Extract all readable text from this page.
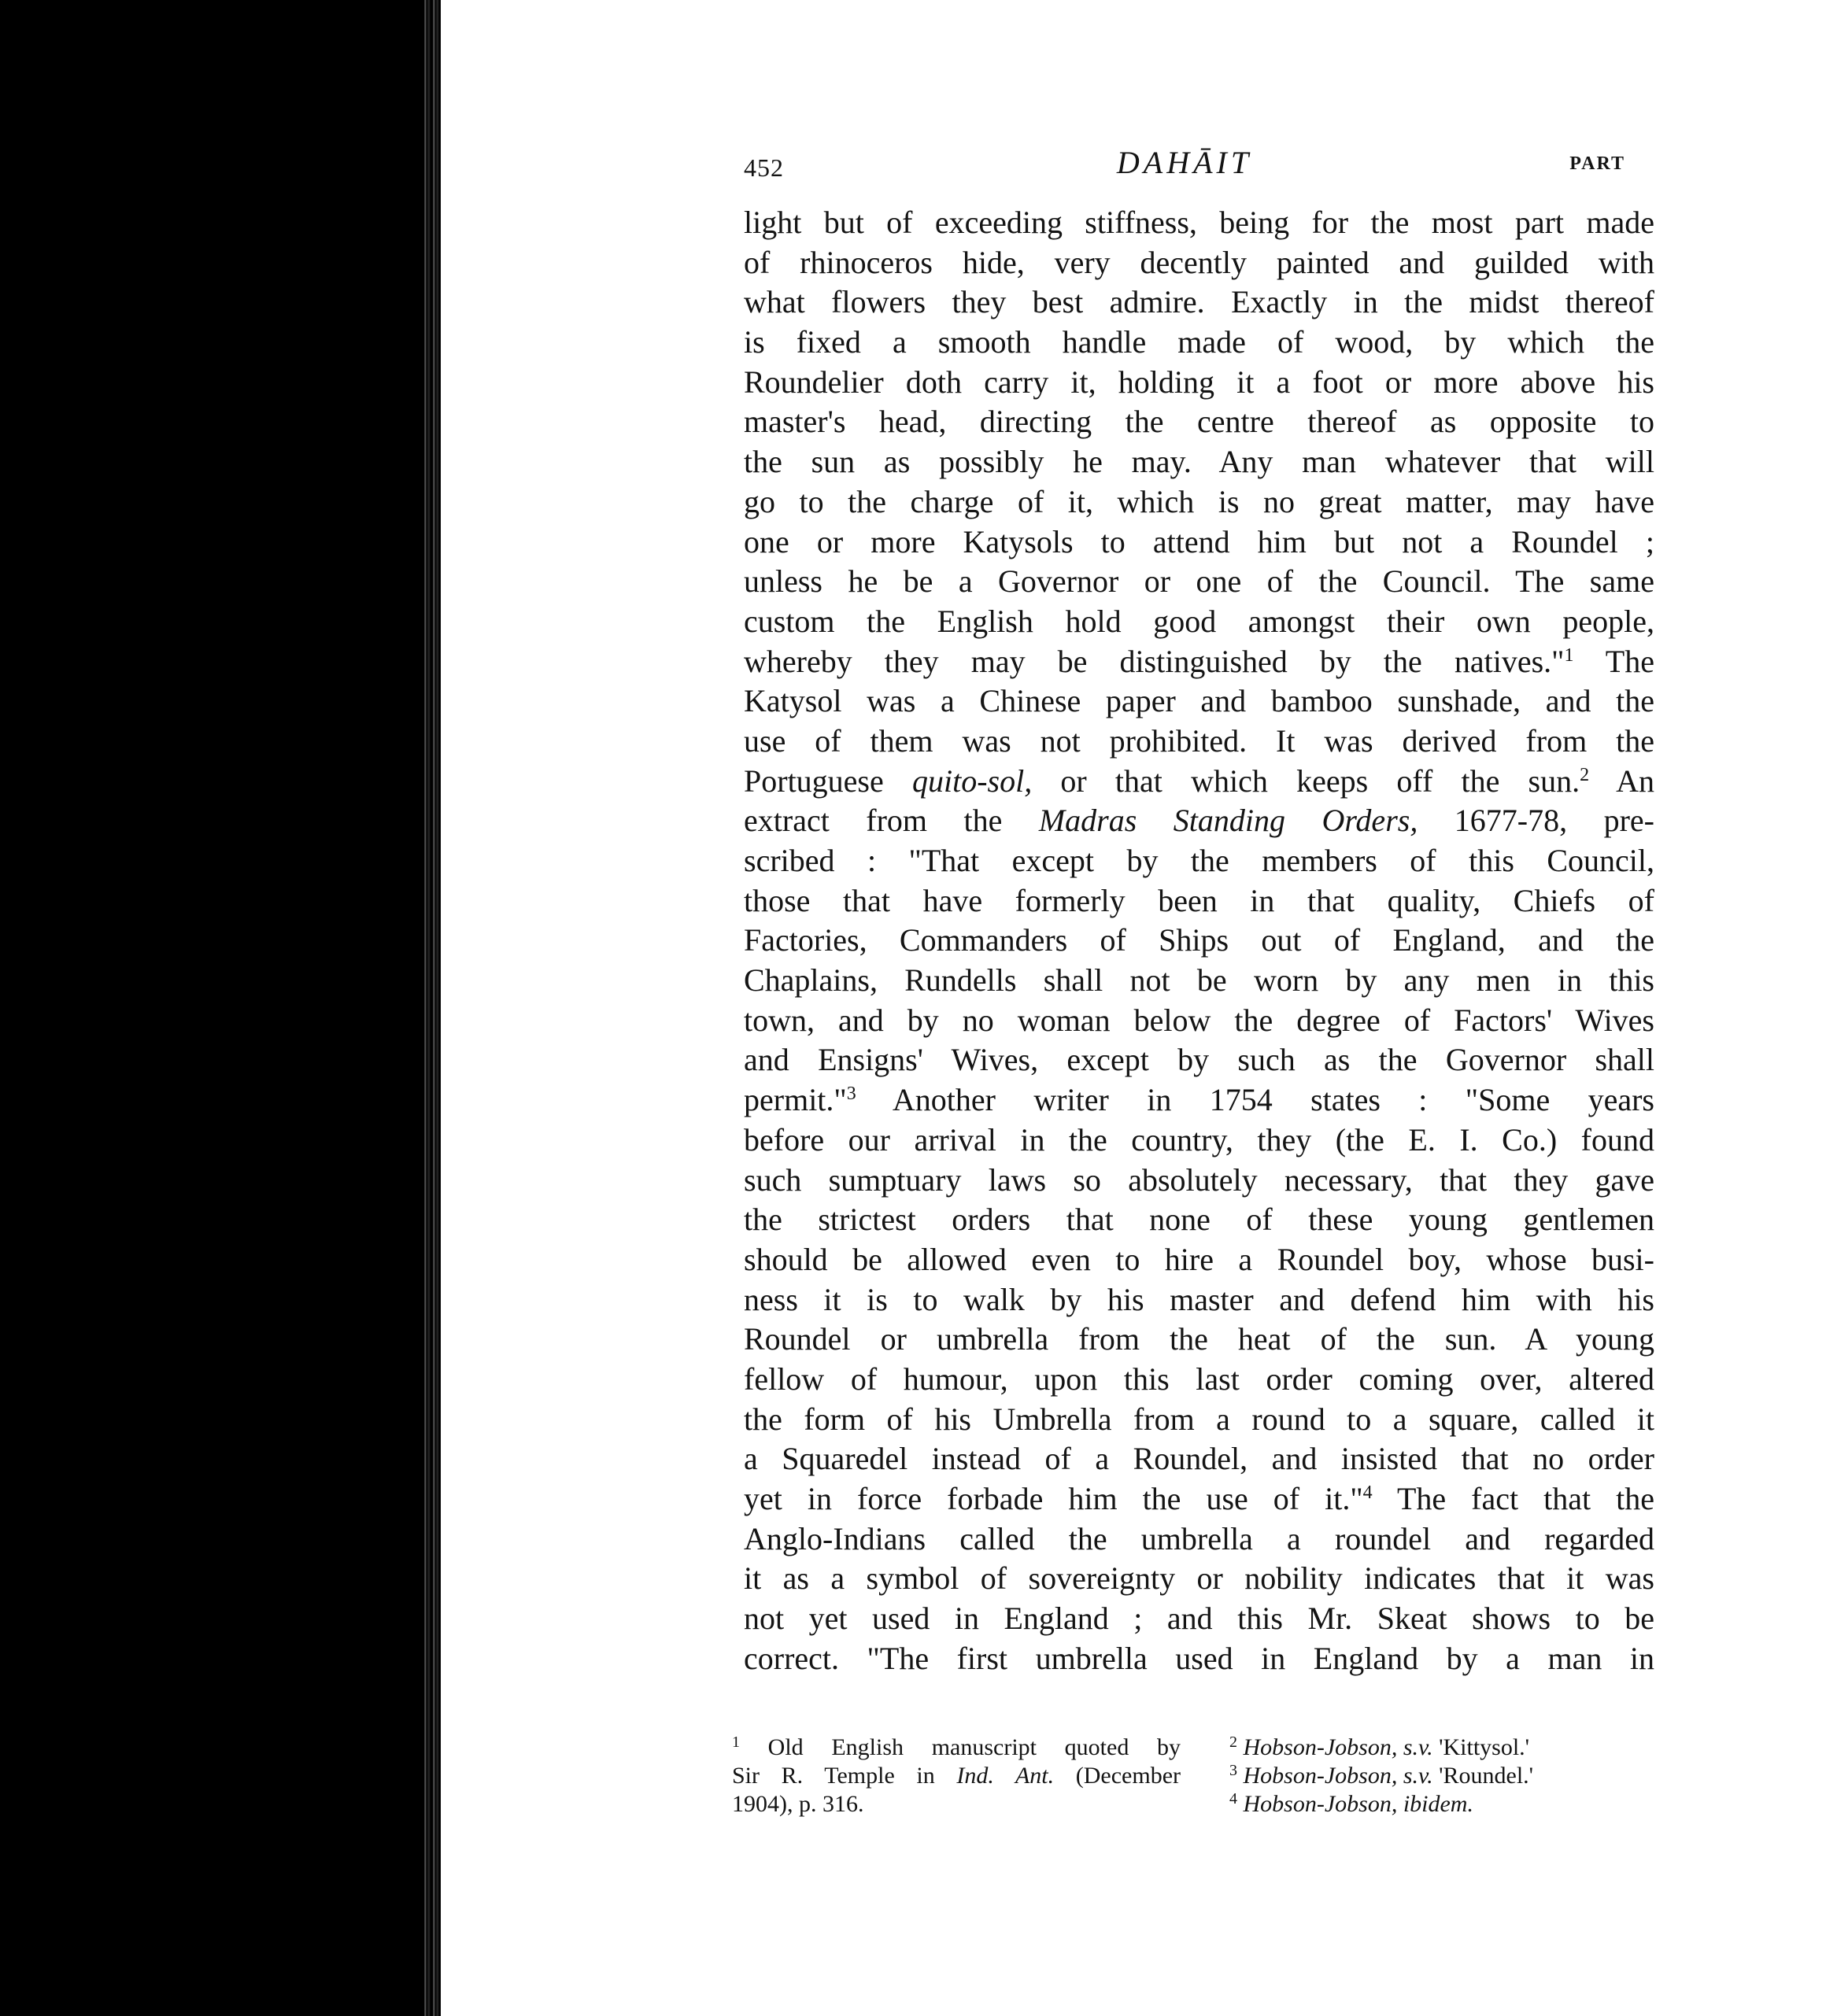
452	DAHĀIT	PART
light but of exceeding stiffness, being for the most part made
of rhinoceros hide, very decently painted and guilded with
what flowers they best admire. Exactly in the midst thereof
is fixed a smooth handle made of wood, by which the
Roundelier doth carry it, holding it a foot or more above his
master's head, directing the centre thereof as opposite to
the sun as possibly he may. Any man whatever that will
go to the charge of it, which is no great matter, may have
one or more Katysols to attend him but not a Roundel ;
unless he be a Governor or one of the Council. The same
custom the English hold good amongst their own people,
whereby they may be distinguished by the natives."$^1$ The
Katysol was a Chinese paper and bamboo sunshade, and the
use of them was not prohibited. It was derived from the
Portuguese quito-sol, or that which keeps off the sun.$^2$ An
extract from the Madras Standing Orders, 1677-78, pre-
scribed : "That except by the members of this Council,
those that have formerly been in that quality, Chiefs of
Factories, Commanders of Ships out of England, and the
Chaplains, Rundells shall not be worn by any men in this
town, and by no woman below the degree of Factors' Wives
and Ensigns' Wives, except by such as the Governor shall
permit."$^3$ Another writer in 1754 states : "Some years
before our arrival in the country, they (the E. I. Co.) found
such sumptuary laws so absolutely necessary, that they gave
the strictest orders that none of these young gentlemen
should be allowed even to hire a Roundel boy, whose busi-
ness it is to walk by his master and defend him with his
Roundel or umbrella from the heat of the sun. A young
fellow of humour, upon this last order coming over, altered
the form of his Umbrella from a round to a square, called it
a Squaredel instead of a Roundel, and insisted that no order
yet in force forbade him the use of it."$^4$ The fact that the
Anglo-Indians called the umbrella a roundel and regarded
it as a symbol of sovereignty or nobility indicates that it was
not yet used in England ; and this Mr. Skeat shows to be
correct. "The first umbrella used in England by a man in
$^1$ Old English manuscript quoted by
Sir R. Temple in Ind. Ant. (December
1904), p. 316.
$^2$ Hobson-Jobson, s.v. 'Kittysol.'
$^3$ Hobson-Jobson, s.v. 'Roundel.'
$^4$ Hobson-Jobson, ibidem.
